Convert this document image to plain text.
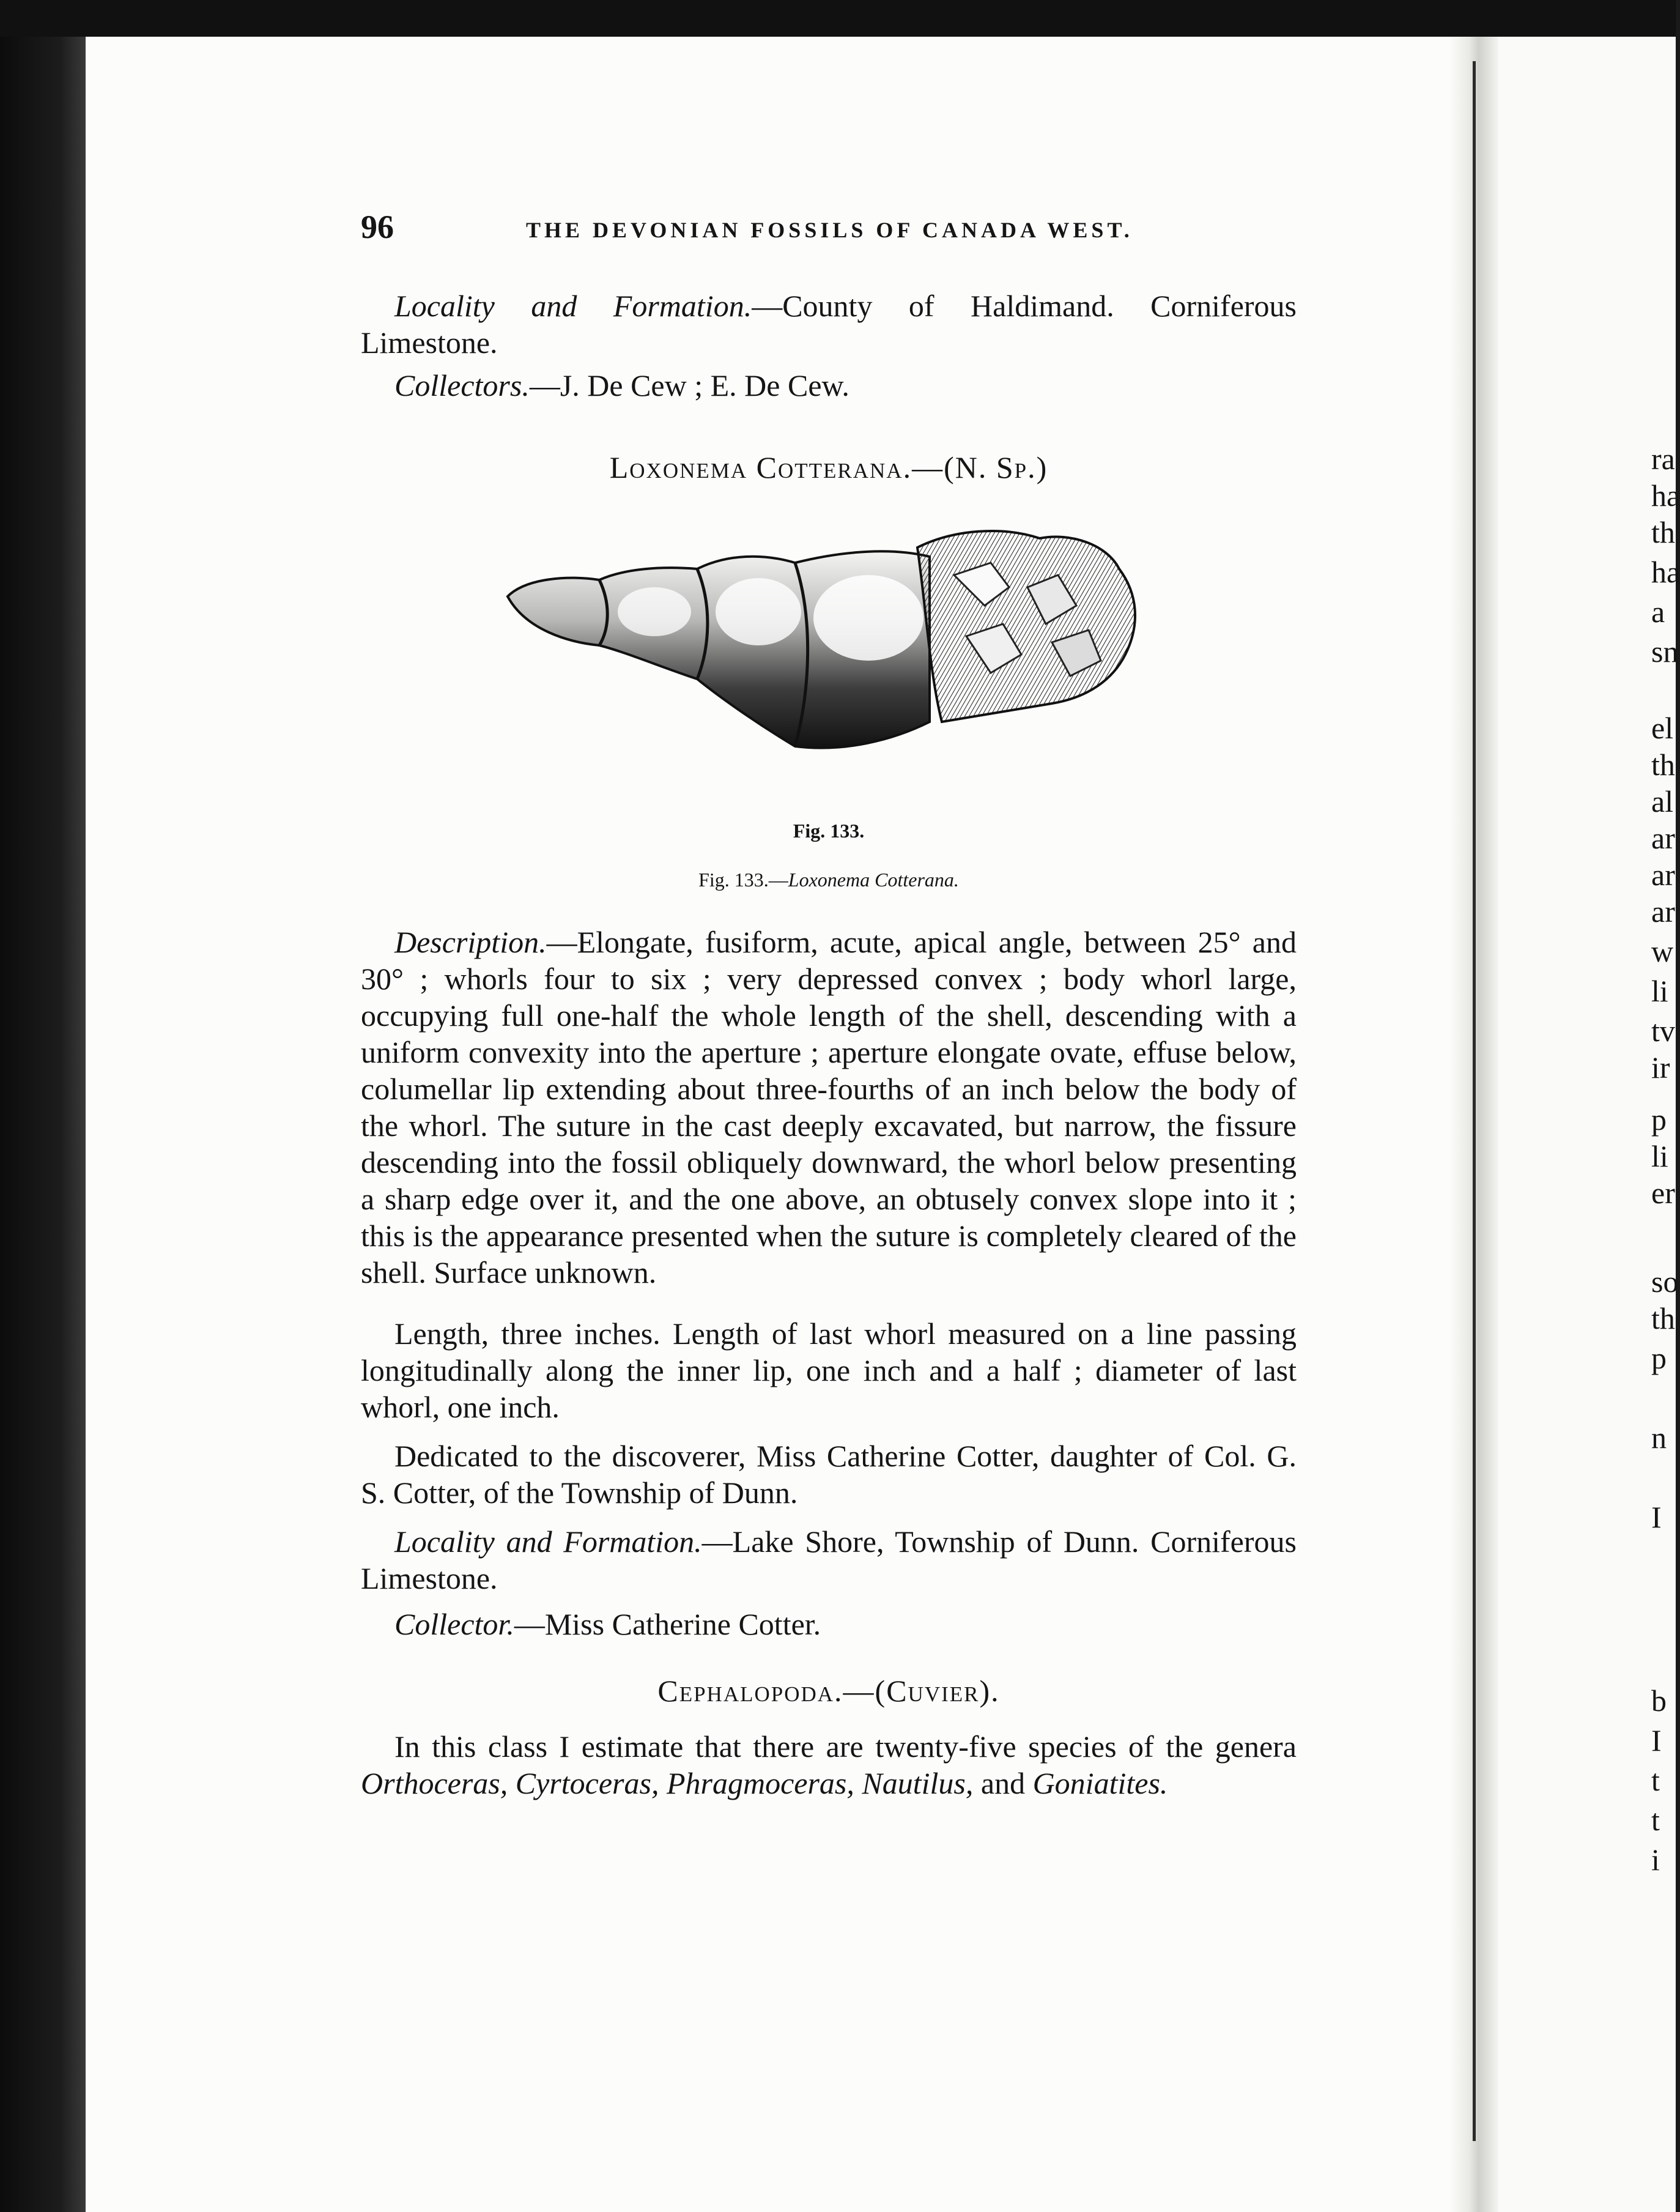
96	THE DEVONIAN FOSSILS OF CANADA WEST.
Locality and Formation.—County of Haldimand. Corniferous Limestone.
Collectors.—J. De Cew ; E. De Cew.
Loxonema Cotterana.—(N. Sp.)
Fig. 133.
Fig. 133.—Loxonema Cotterana.
Description.—Elongate, fusiform, acute, apical angle, between 25° and 30° ; whorls four to six ; very depressed convex ; body whorl large, occupying full one-half the whole length of the shell, descending with a uniform convexity into the aperture ; aperture elongate ovate, effuse below, columellar lip extending about three-fourths of an inch below the body of the whorl. The suture in the cast deeply excavated, but narrow, the fissure descending into the fossil obliquely downward, the whorl below presenting a sharp edge over it, and the one above, an obtusely convex slope into it ; this is the appearance presented when the suture is completely cleared of the shell. Surface unknown.
Length, three inches. Length of last whorl measured on a line passing longitudinally along the inner lip, one inch and a half ; diameter of last whorl, one inch.
Dedicated to the discoverer, Miss Catherine Cotter, daughter of Col. G. S. Cotter, of the Township of Dunn.
Locality and Formation.—Lake Shore, Township of Dunn. Corniferous Limestone.
Collector.—Miss Catherine Cotter.
Cephalopoda.—(Cuvier).
In this class I estimate that there are twenty-five species of the genera Orthoceras, Cyrtoceras, Phragmoceras, Nautilus, and Goniatites.
ra
ha
th
ha
a
sn
el
th
al
ar
ar
ar
w
li
tv
ir
p
li
er
so
th
p
n
I
b
I
t
t
i
